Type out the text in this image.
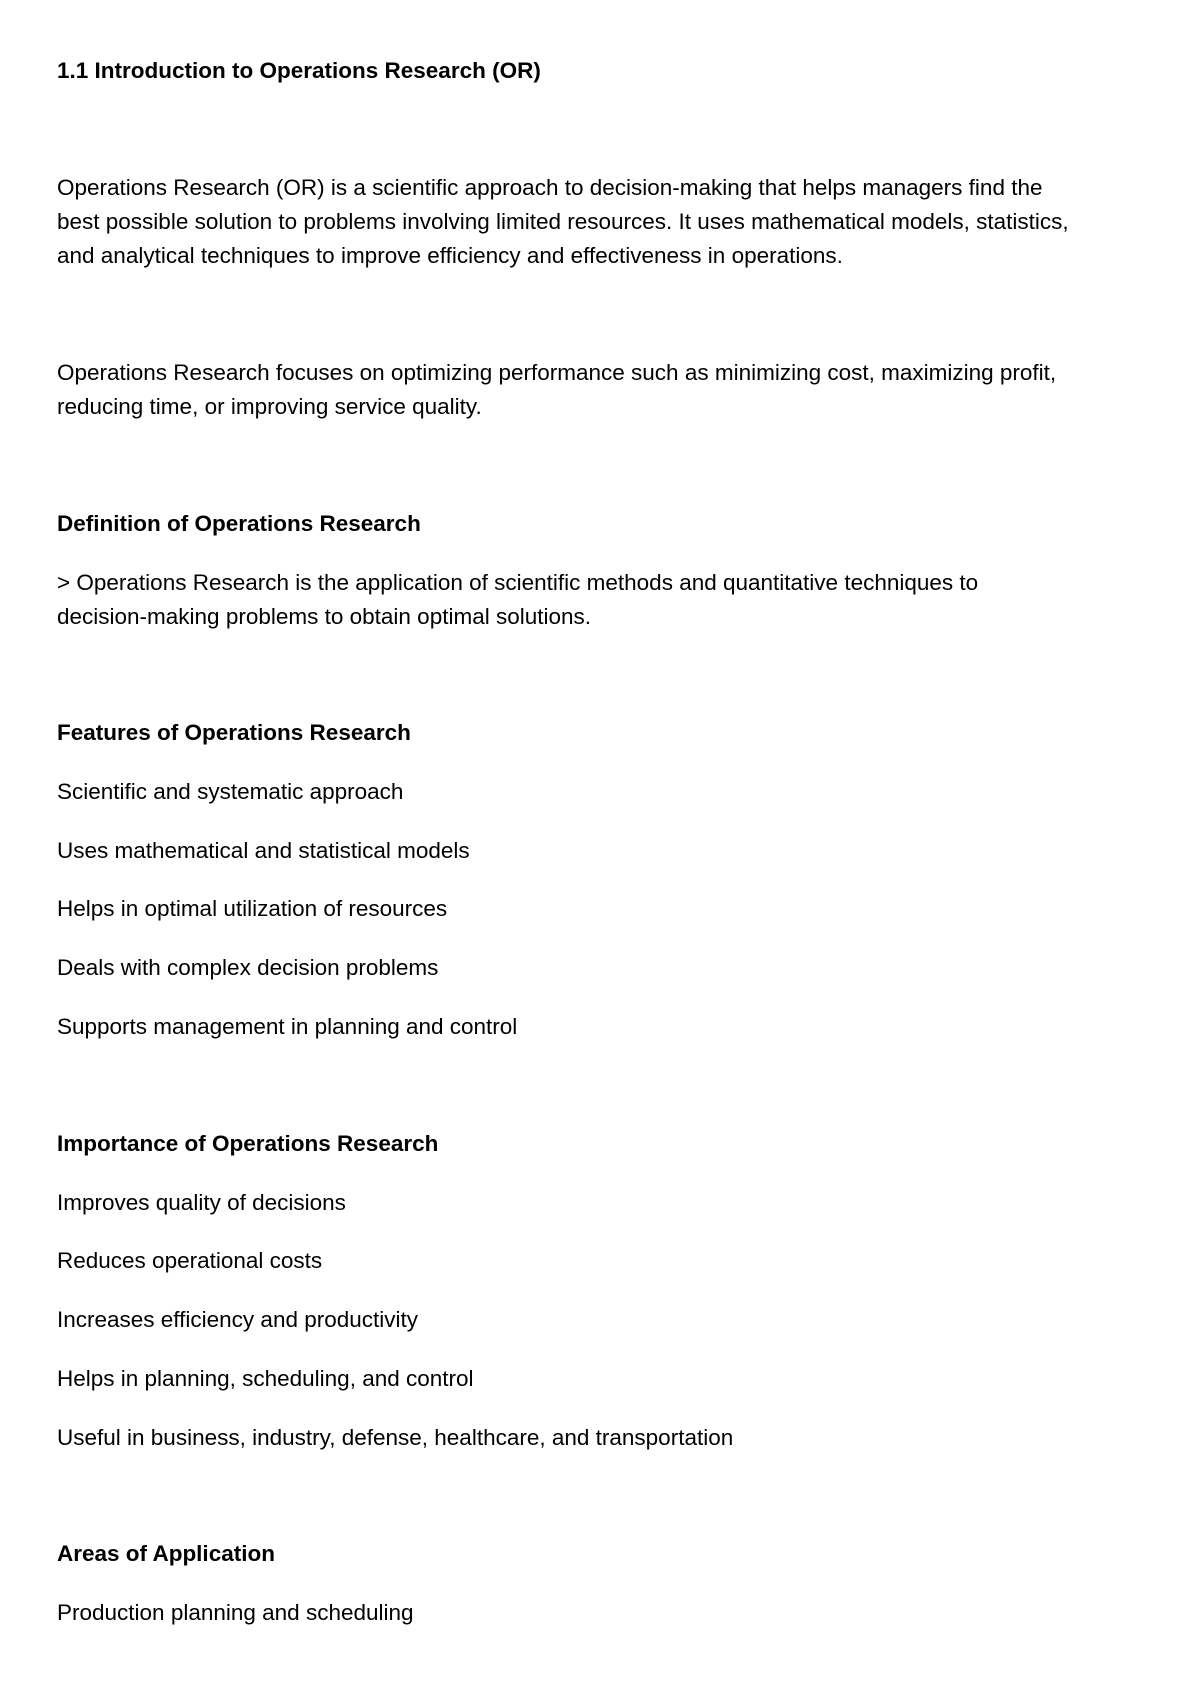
1.1 Introduction to Operations Research (OR)
Operations Research (OR) is a scientific approach to decision-making that helps managers find the
best possible solution to problems involving limited resources. It uses mathematical models, statistics,
and analytical techniques to improve efficiency and effectiveness in operations.
Operations Research focuses on optimizing performance such as minimizing cost, maximizing profit,
reducing time, or improving service quality.
Definition of Operations Research
> Operations Research is the application of scientific methods and quantitative techniques to
decision-making problems to obtain optimal solutions.
Features of Operations Research
Scientific and systematic approach
Uses mathematical and statistical models
Helps in optimal utilization of resources
Deals with complex decision problems
Supports management in planning and control
Importance of Operations Research
Improves quality of decisions
Reduces operational costs
Increases efficiency and productivity
Helps in planning, scheduling, and control
Useful in business, industry, defense, healthcare, and transportation
Areas of Application
Production planning and scheduling
